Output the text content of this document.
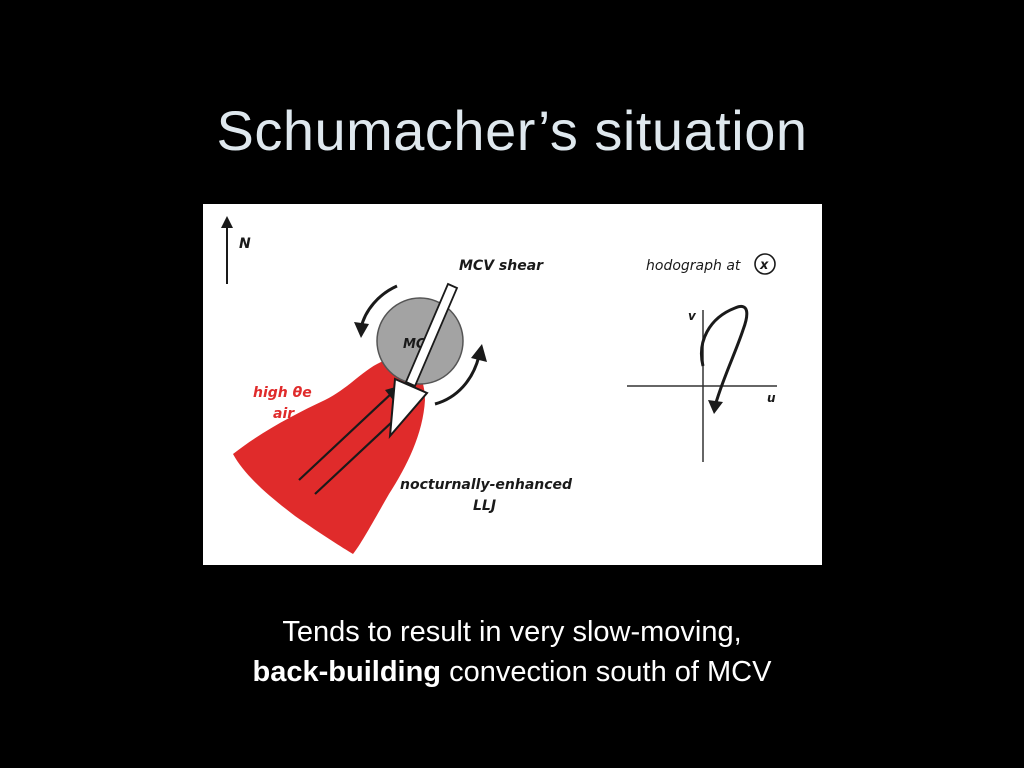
Schumacher’s situation
N
MCV
MCV shear
high θe
air
nocturnally-enhanced
LLJ
hodograph at x
v
u
Tends to result in very slow-moving,
back-building convection south of MCV
